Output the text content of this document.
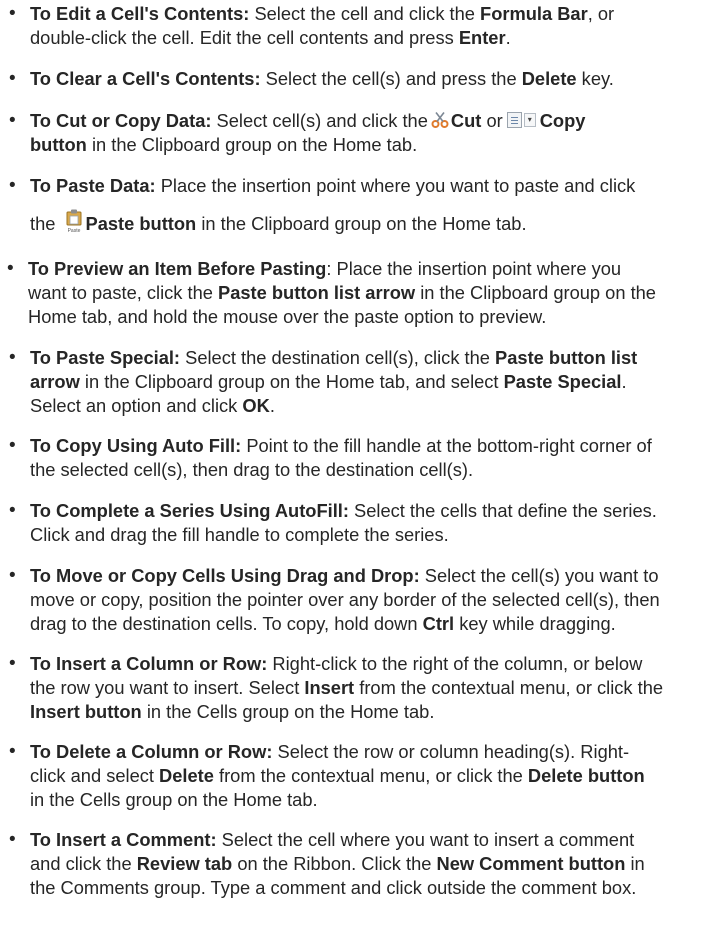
• To Edit a Cell's Contents: Select the cell and click the Formula Bar, or
double-click the cell. Edit the cell contents and press Enter.
• To Clear a Cell's Contents: Select the cell(s) and press the Delete key.
• To Cut or Copy Data: Select cell(s) and click the Cut or	▾ Copy
button in the Clipboard group on the Home tab.
• To Paste Data: Place the insertion point where you want to paste and click
the Paste Paste button in the Clipboard group on the Home tab.
• To Preview an Item Before Pasting: Place the insertion point where you
want to paste, click the Paste button list arrow in the Clipboard group on the
Home tab, and hold the mouse over the paste option to preview.
• To Paste Special: Select the destination cell(s), click the Paste button list
arrow in the Clipboard group on the Home tab, and select Paste Special.
Select an option and click OK.
• To Copy Using Auto Fill: Point to the fill handle at the bottom-right corner of
the selected cell(s), then drag to the destination cell(s).
• To Complete a Series Using AutoFill: Select the cells that define the series.
Click and drag the fill handle to complete the series.
• To Move or Copy Cells Using Drag and Drop: Select the cell(s) you want to
move or copy, position the pointer over any border of the selected cell(s), then
drag to the destination cells. To copy, hold down Ctrl key while dragging.
• To Insert a Column or Row: Right-click to the right of the column, or below
the row you want to insert. Select Insert from the contextual menu, or click the
Insert button in the Cells group on the Home tab.
• To Delete a Column or Row: Select the row or column heading(s). Right-
click and select Delete from the contextual menu, or click the Delete button
in the Cells group on the Home tab.
• To Insert a Comment: Select the cell where you want to insert a comment
and click the Review tab on the Ribbon. Click the New Comment button in
the Comments group. Type a comment and click outside the comment box.
